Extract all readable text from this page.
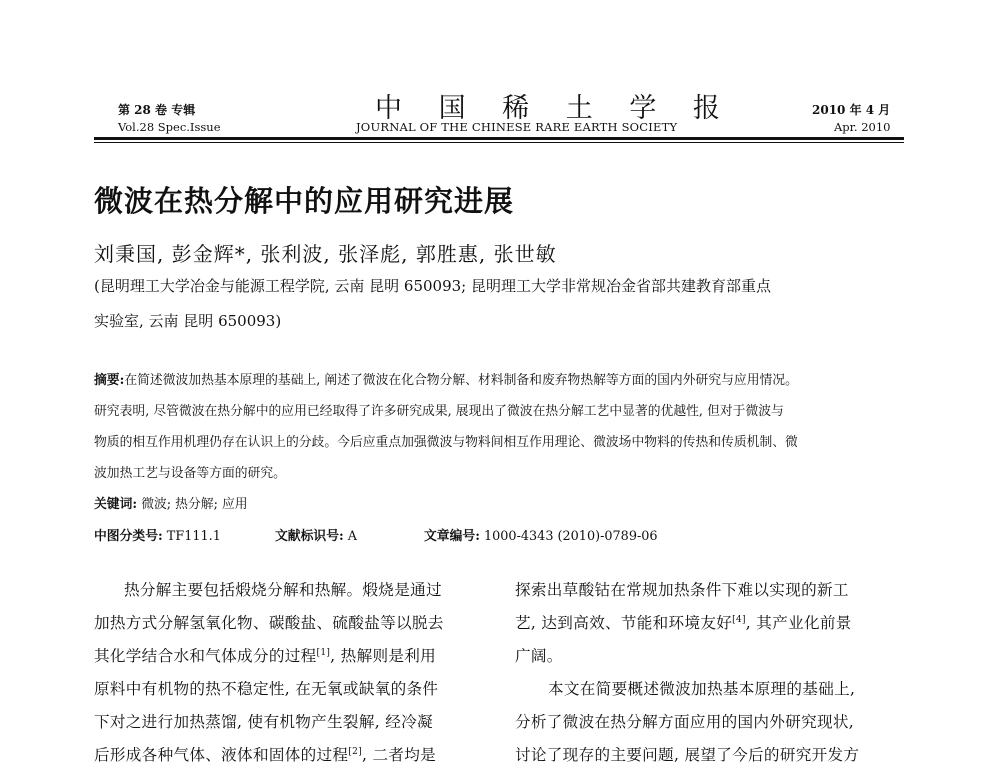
第 28 卷 专辑
Vol.28 Spec.Issue
中 国 稀 土 学 报
JOURNAL OF THE CHINESE RARE EARTH SOCIETY
2010 年 4 月
Apr. 2010
微波在热分解中的应用研究进展
刘秉国, 彭金辉*, 张利波, 张泽彪, 郭胜惠, 张世敏
(昆明理工大学冶金与能源工程学院, 云南 昆明 650093; 昆明理工大学非常规冶金省部共建教育部重点
实验室, 云南 昆明 650093)
摘要:在简述微波加热基本原理的基础上, 阐述了微波在化合物分解、材料制备和废弃物热解等方面的国内外研究与应用情况。
研究表明, 尽管微波在热分解中的应用已经取得了许多研究成果, 展现出了微波在热分解工艺中显著的优越性, 但对于微波与
物质的相互作用机理仍存在认识上的分歧。今后应重点加强微波与物料间相互作用理论、微波场中物料的传热和传质机制、微
波加热工艺与设备等方面的研究。
关键词: 微波; 热分解; 应用
中图分类号: TF111.1	文献标识号: A	文章编号: 1000-4343 (2010)-0789-06
热分解主要包括煅烧分解和热解。煅烧是通过
加热方式分解氢氧化物、碳酸盐、硫酸盐等以脱去
其化学结合水和气体成分的过程[1], 热解则是利用
原料中有机物的热不稳定性, 在无氧或缺氧的条件
下对之进行加热蒸馏, 使有机物产生裂解, 经冷凝
后形成各种气体、液体和固体的过程[2], 二者均是
探索出草酸钴在常规加热条件下难以实现的新工
艺, 达到高效、节能和环境友好[4], 其产业化前景
广阔。
本文在简要概述微波加热基本原理的基础上,
分析了微波在热分解方面应用的国内外研究现状,
讨论了现存的主要问题, 展望了今后的研究开发方
